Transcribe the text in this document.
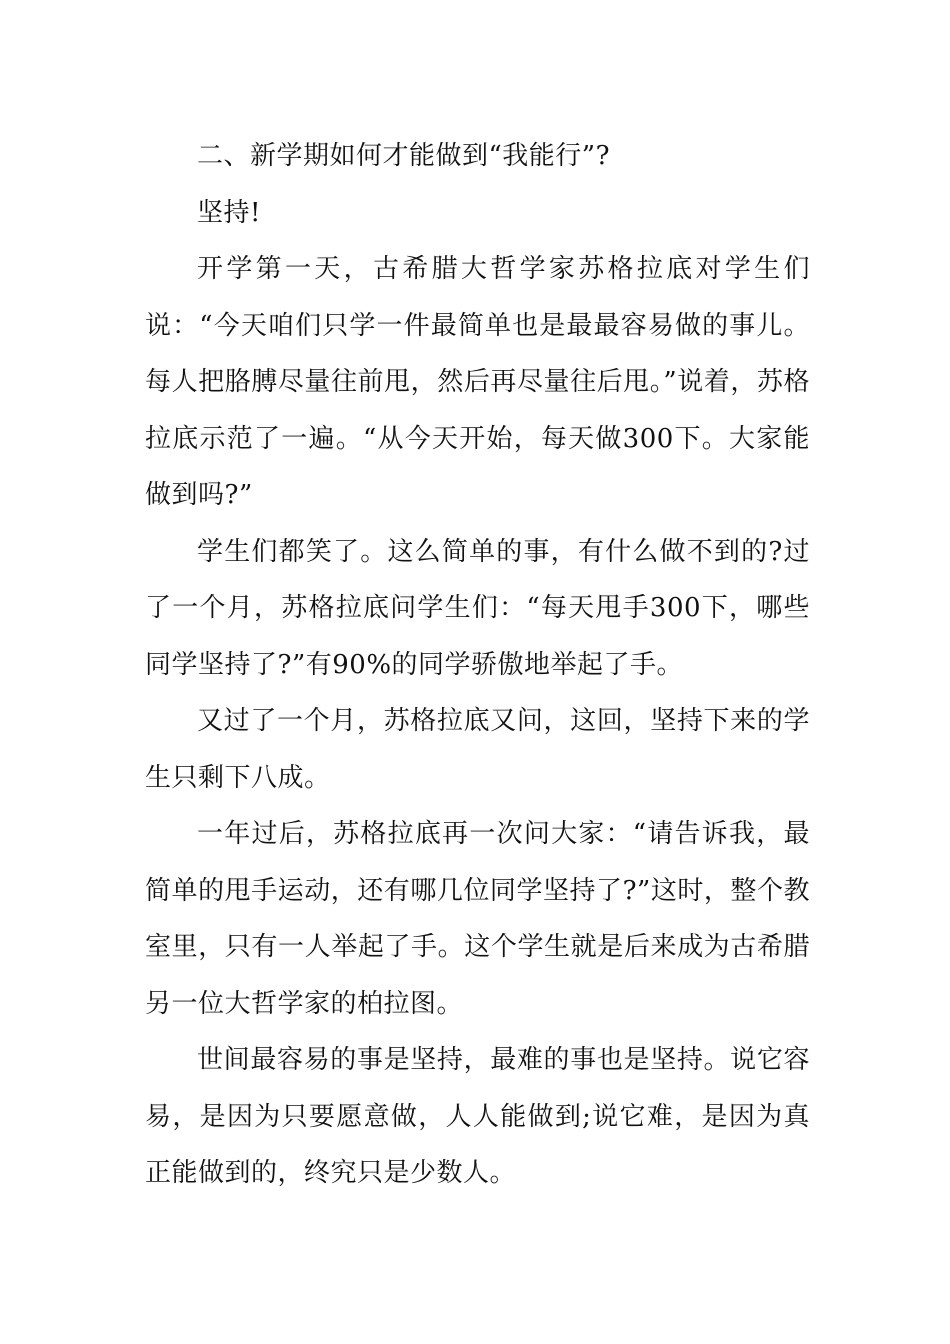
二、新学期如何才能做到“我能行”?

坚持!

开学第一天，古希腊大哲学家苏格拉底对学生们说：“今天咱们只学一件最简单也是最最容易做的事儿。每人把胳膊尽量往前甩，然后再尽量往后甩。”说着，苏格拉底示范了一遍。“从今天开始，每天做300下。大家能做到吗?”

学生们都笑了。这么简单的事，有什么做不到的?过了一个月，苏格拉底问学生们：“每天甩手300下，哪些同学坚持了?”有90%的同学骄傲地举起了手。

又过了一个月，苏格拉底又问，这回，坚持下来的学生只剩下八成。

一年过后，苏格拉底再一次问大家：“请告诉我，最简单的甩手运动，还有哪几位同学坚持了?”这时，整个教室里，只有一人举起了手。这个学生就是后来成为古希腊另一位大哲学家的柏拉图。

世间最容易的事是坚持，最难的事也是坚持。说它容易，是因为只要愿意做，人人能做到;说它难，是因为真正能做到的，终究只是少数人。
